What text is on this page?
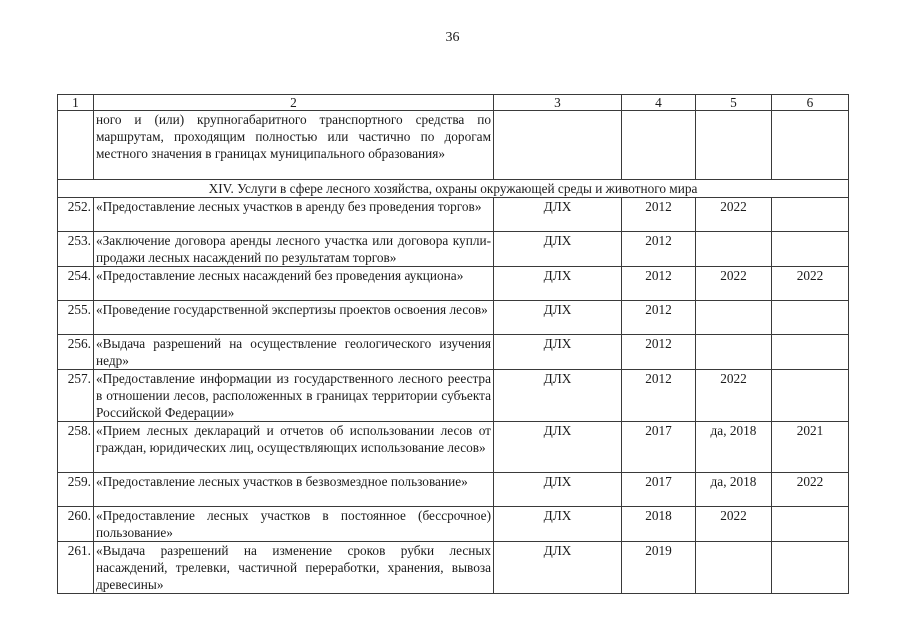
36
1	2	3	4	5	6
	ного и (или) крупногабаритного транспортного средства по маршрутам, проходящим полностью или частично по дорогам местного значения в границах муниципального образования»				
XIV. Услуги в сфере лесного хозяйства, охраны окружающей среды и животного мира					
252.	«Предоставление лесных участков в аренду без проведения торгов»	ДЛХ	2012	2022	
253.	«Заключение договора аренды лесного участка или договора купли-продажи лесных насаждений по результатам торгов»	ДЛХ	2012		
254.	«Предоставление лесных насаждений без проведения аукциона»	ДЛХ	2012	2022	2022
255.	«Проведение государственной экспертизы проектов освоения лесов»	ДЛХ	2012		
256.	«Выдача разрешений на осуществление геологического изучения недр»	ДЛХ	2012		
257.	«Предоставление информации из государственного лесного реестра в отношении лесов, расположенных в границах территории субъекта Российской Федерации»	ДЛХ	2012	2022	
258.	«Прием лесных деклараций и отчетов об использовании лесов от граждан, юридических лиц, осуществляющих использование лесов»	ДЛХ	2017	да, 2018	2021
259.	«Предоставление лесных участков в безвозмездное пользование»	ДЛХ	2017	да, 2018	2022
260.	«Предоставление лесных участков в постоянное (бессрочное) пользование»	ДЛХ	2018	2022	
261.	«Выдача разрешений на изменение сроков рубки лесных насаждений, трелевки, частичной переработки, хранения, вывоза древесины»	ДЛХ	2019		
